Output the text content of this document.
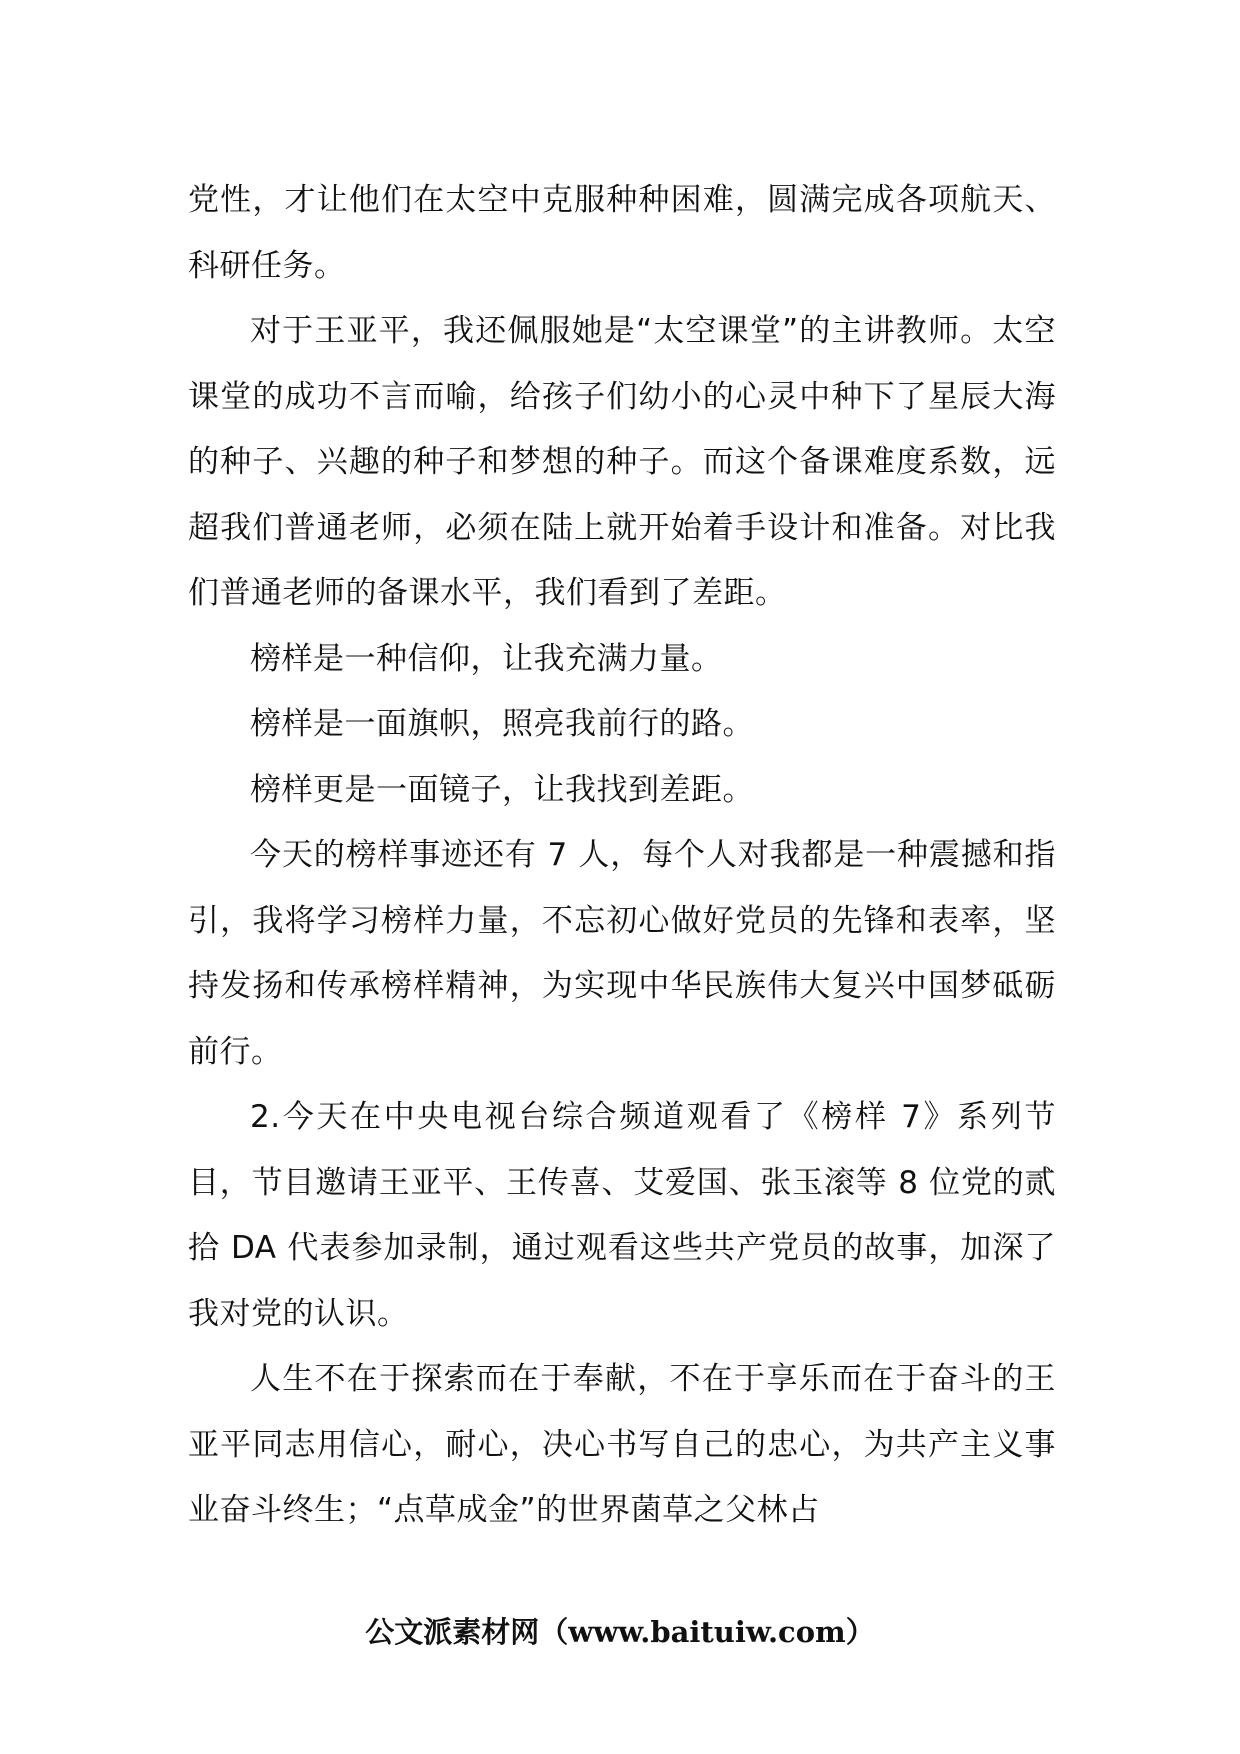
党性，才让他们在太空中克服种种困难，圆满完成各项航天、科研任务。

对于王亚平，我还佩服她是“太空课堂”的主讲教师。太空课堂的成功不言而喻，给孩子们幼小的心灵中种下了星辰大海的种子、兴趣的种子和梦想的种子。而这个备课难度系数，远超我们普通老师，必须在陆上就开始着手设计和准备。对比我们普通老师的备课水平，我们看到了差距。

榜样是一种信仰，让我充满力量。

榜样是一面旗帜，照亮我前行的路。

榜样更是一面镜子，让我找到差距。

今天的榜样事迹还有 7 人，每个人对我都是一种震撼和指引，我将学习榜样力量，不忘初心做好党员的先锋和表率，坚持发扬和传承榜样精神，为实现中华民族伟大复兴中国梦砥砺前行。

2.今天在中央电视台综合频道观看了《榜样 7》系列节目，节目邀请王亚平、王传喜、艾爱国、张玉滚等 8 位党的贰拾 DA 代表参加录制，通过观看这些共产党员的故事，加深了我对党的认识。

人生不在于探索而在于奉献，不在于享乐而在于奋斗的王亚平同志用信心，耐心，决心书写自己的忠心，为共产主义事业奋斗终生；“点草成金”的世界菌草之父林占

公文派素材网（www.baituiw.com）
